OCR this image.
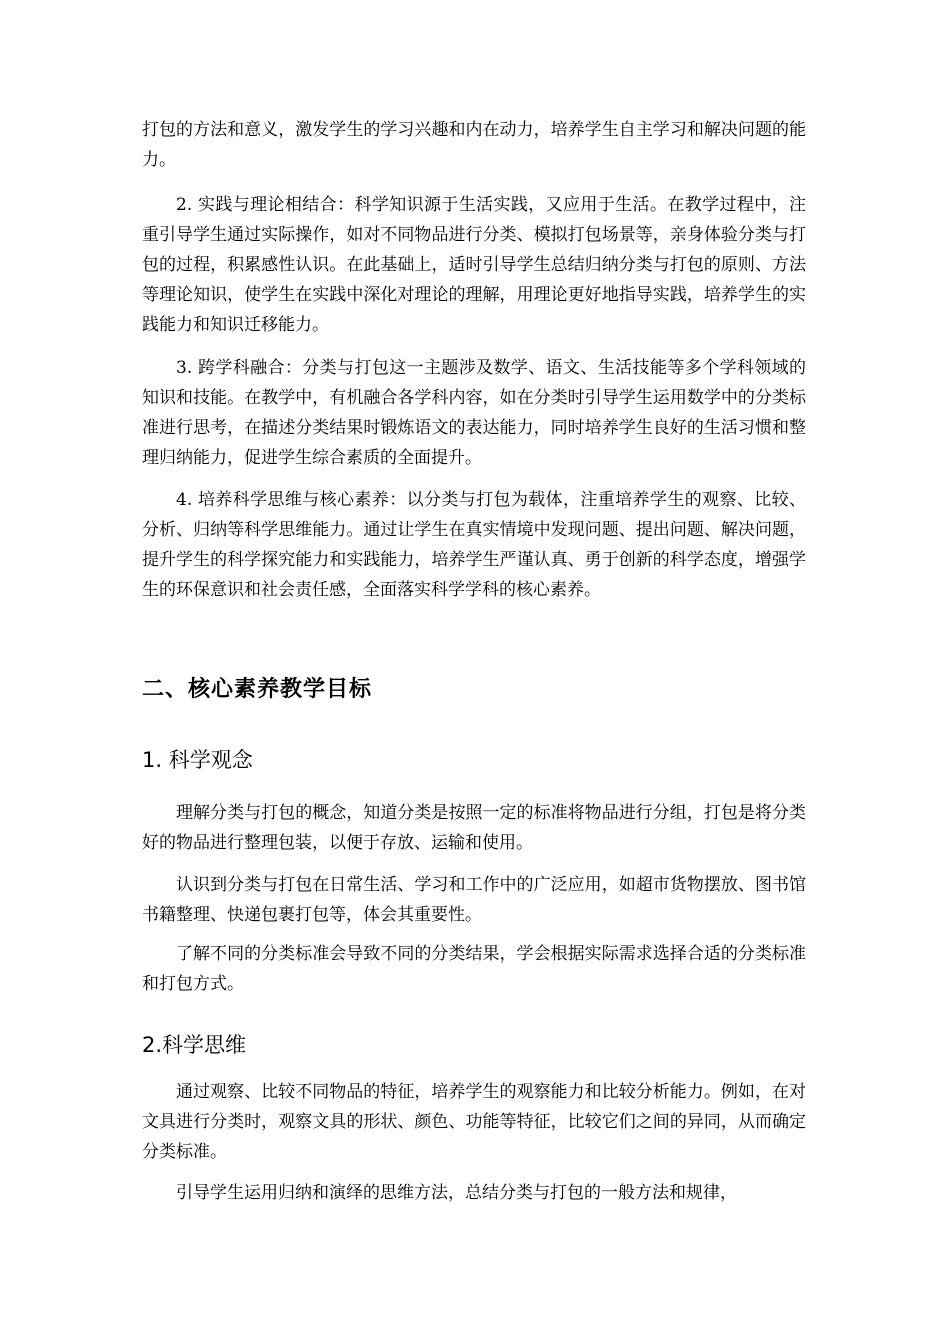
打包的方法和意义，激发学生的学习兴趣和内在动力，培养学生自主学习和解决问题的能力。

2. 实践与理论相结合：科学知识源于生活实践，又应用于生活。在教学过程中，注重引导学生通过实际操作，如对不同物品进行分类、模拟打包场景等，亲身体验分类与打包的过程，积累感性认识。在此基础上，适时引导学生总结归纳分类与打包的原则、方法等理论知识，使学生在实践中深化对理论的理解，用理论更好地指导实践，培养学生的实践能力和知识迁移能力。

3. 跨学科融合：分类与打包这一主题涉及数学、语文、生活技能等多个学科领域的知识和技能。在教学中，有机融合各学科内容，如在分类时引导学生运用数学中的分类标准进行思考，在描述分类结果时锻炼语文的表达能力，同时培养学生良好的生活习惯和整理归纳能力，促进学生综合素质的全面提升。

4. 培养科学思维与核心素养：以分类与打包为载体，注重培养学生的观察、比较、分析、归纳等科学思维能力。通过让学生在真实情境中发现问题、提出问题、解决问题，提升学生的科学探究能力和实践能力，培养学生严谨认真、勇于创新的科学态度，增强学生的环保意识和社会责任感，全面落实科学学科的核心素养。

二、核心素养教学目标
1. 科学观念

理解分类与打包的概念，知道分类是按照一定的标准将物品进行分组，打包是将分类好的物品进行整理包装，以便于存放、运输和使用。

认识到分类与打包在日常生活、学习和工作中的广泛应用，如超市货物摆放、图书馆书籍整理、快递包裹打包等，体会其重要性。

了解不同的分类标准会导致不同的分类结果，学会根据实际需求选择合适的分类标准和打包方式。

2.科学思维

通过观察、比较不同物品的特征，培养学生的观察能力和比较分析能力。例如，在对文具进行分类时，观察文具的形状、颜色、功能等特征，比较它们之间的异同，从而确定分类标准。

引导学生运用归纳和演绎的思维方法，总结分类与打包的一般方法和规律，
